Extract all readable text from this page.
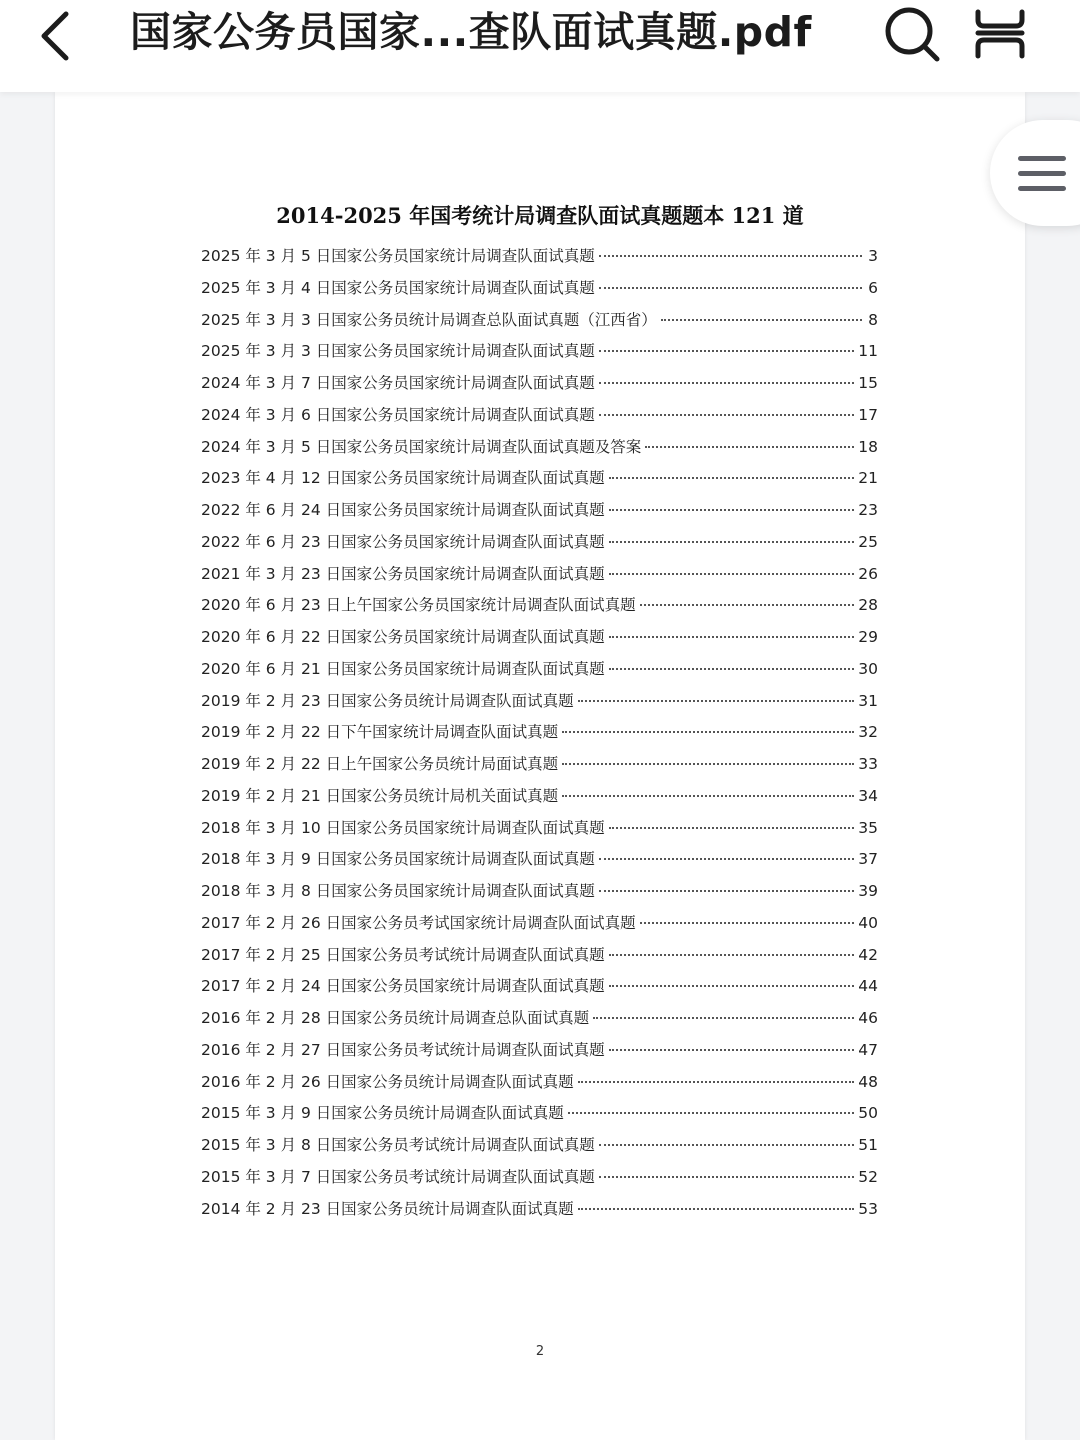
国家公务员国家...查队面试真题.pdf
2014-2025 年国考统计局调查队面试真题题本 121 道
2025 年 3 月 5 日国家公务员国家统计局调查队面试真题	3
2025 年 3 月 4 日国家公务员国家统计局调查队面试真题	6
2025 年 3 月 3 日国家公务员统计局调查总队面试真题（江西省）	8
2025 年 3 月 3 日国家公务员国家统计局调查队面试真题	11
2024 年 3 月 7 日国家公务员国家统计局调查队面试真题	15
2024 年 3 月 6 日国家公务员国家统计局调查队面试真题	17
2024 年 3 月 5 日国家公务员国家统计局调查队面试真题及答案	18
2023 年 4 月 12 日国家公务员国家统计局调查队面试真题	21
2022 年 6 月 24 日国家公务员国家统计局调查队面试真题	23
2022 年 6 月 23 日国家公务员国家统计局调查队面试真题	25
2021 年 3 月 23 日国家公务员国家统计局调查队面试真题	26
2020 年 6 月 23 日上午国家公务员国家统计局调查队面试真题	28
2020 年 6 月 22 日国家公务员国家统计局调查队面试真题	29
2020 年 6 月 21 日国家公务员国家统计局调查队面试真题	30
2019 年 2 月 23 日国家公务员统计局调查队面试真题	31
2019 年 2 月 22 日下午国家统计局调查队面试真题	32
2019 年 2 月 22 日上午国家公务员统计局面试真题	33
2019 年 2 月 21 日国家公务员统计局机关面试真题	34
2018 年 3 月 10 日国家公务员国家统计局调查队面试真题	35
2018 年 3 月 9 日国家公务员国家统计局调查队面试真题	37
2018 年 3 月 8 日国家公务员国家统计局调查队面试真题	39
2017 年 2 月 26 日国家公务员考试国家统计局调查队面试真题	40
2017 年 2 月 25 日国家公务员考试统计局调查队面试真题	42
2017 年 2 月 24 日国家公务员国家统计局调查队面试真题	44
2016 年 2 月 28 日国家公务员统计局调查总队面试真题	46
2016 年 2 月 27 日国家公务员考试统计局调查队面试真题	47
2016 年 2 月 26 日国家公务员统计局调查队面试真题	48
2015 年 3 月 9 日国家公务员统计局调查队面试真题	50
2015 年 3 月 8 日国家公务员考试统计局调查队面试真题	51
2015 年 3 月 7 日国家公务员考试统计局调查队面试真题	52
2014 年 2 月 23 日国家公务员统计局调查队面试真题	53
2
